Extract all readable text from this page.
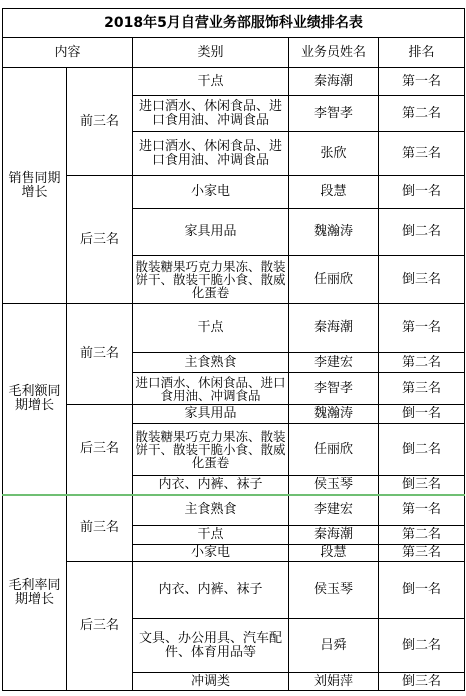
2018年5月自营业务部服饰科业绩排名表				
内容		类别	业务员姓名	排名
销售同期增长	前三名	干点	秦海潮	第一名
		进口酒水、休闲食品、进口食用油、冲调食品	李智孝	第二名
		进口酒水、休闲食品、进口食用油、冲调食品	张欣	第三名
	后三名	小家电	段慧	倒一名
		家具用品	魏瀚涛	倒二名
		散装糖果巧克力果冻、散装饼干、散装干脆小食、散威化蛋卷	任丽欣	倒三名
毛利额同期增长	前三名	干点	秦海潮	第一名
		主食熟食	李建宏	第二名
		进口酒水、休闲食品、进口食用油、冲调食品	李智孝	第三名
	后三名	家具用品	魏瀚涛	倒一名
		散装糖果巧克力果冻、散装饼干、散装干脆小食、散威化蛋卷	任丽欣	倒二名
		内衣、内裤、袜子	侯玉琴	倒三名
毛利率同期增长	前三名	主食熟食	李建宏	第一名
		干点	秦海潮	第二名
		小家电	段慧	第三名
	后三名	内衣、内裤、袜子	侯玉琴	倒一名
		文具、办公用具、汽车配件、体育用品等	吕舜	倒二名
		冲调类	刘娟萍	倒三名
